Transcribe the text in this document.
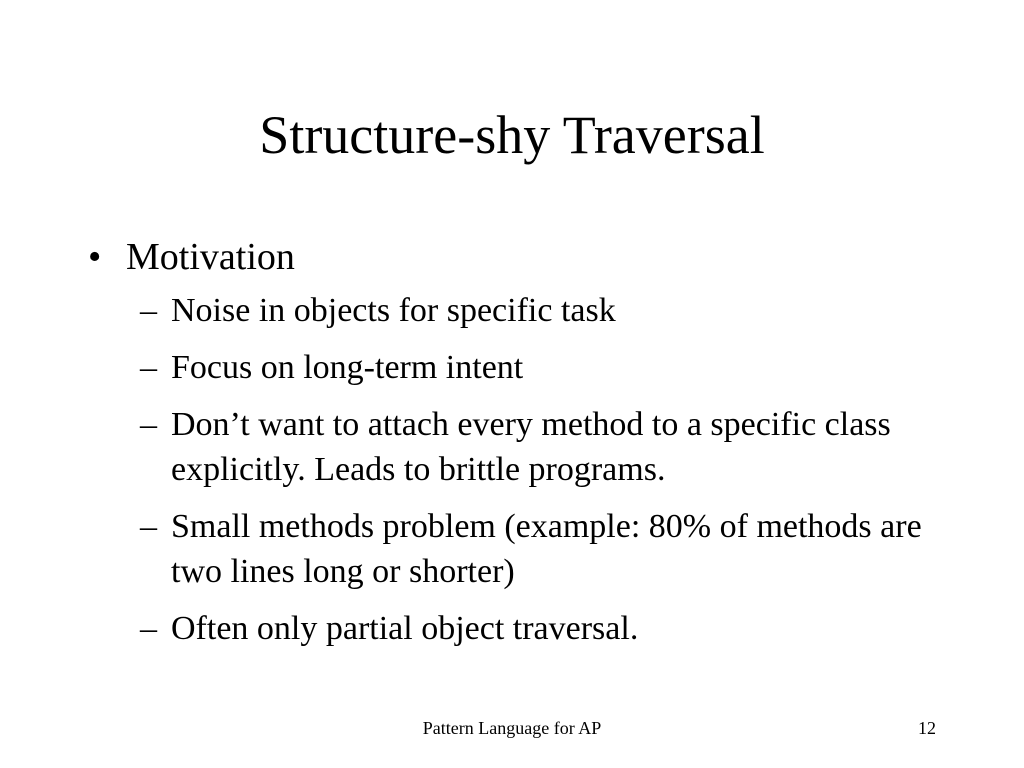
Structure-shy Traversal
• Motivation
– Noise in objects for specific task
– Focus on long-term intent
– Don’t want to attach every method to a specific class explicitly. Leads to brittle programs.
– Small methods problem (example: 80% of methods are two lines long or shorter)
– Often only partial object traversal.
Pattern Language for AP	12
